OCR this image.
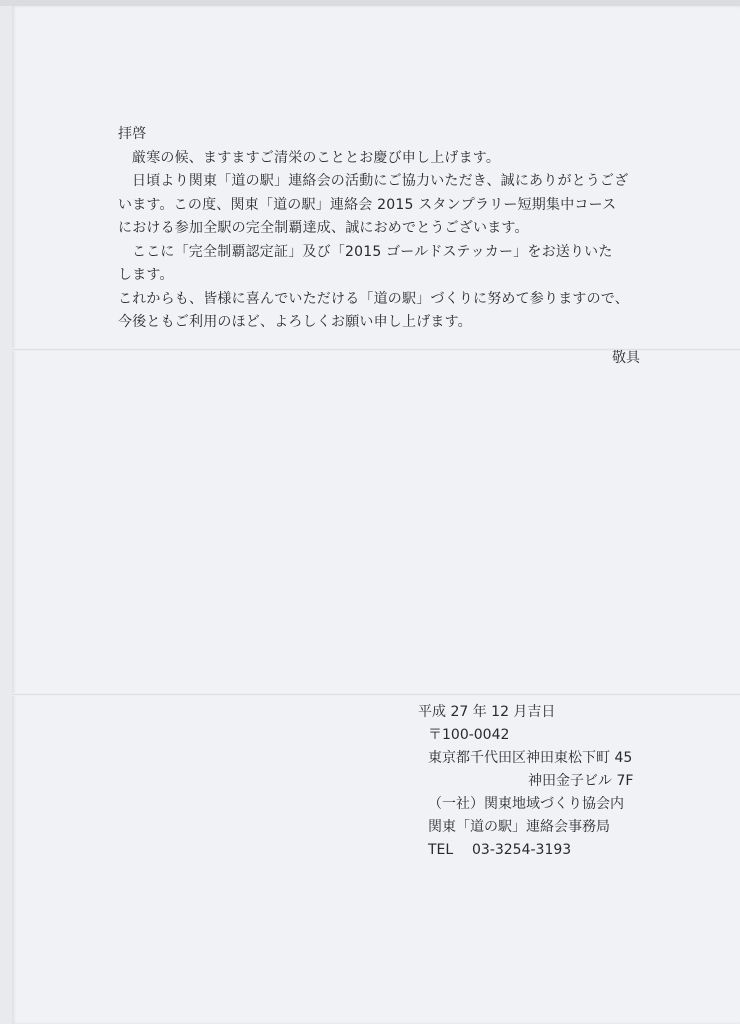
拝啓
厳寒の候、ますますご清栄のこととお慶び申し上げます。
日頃より関東「道の駅」連絡会の活動にご協力いただき、誠にありがとうござ
います。この度、関東「道の駅」連絡会 2015 スタンプラリー短期集中コース
における参加全駅の完全制覇達成、誠におめでとうございます。
ここに「完全制覇認定証」及び「2015 ゴールドステッカー」をお送りいた
します。
これからも、皆様に喜んでいただける「道の駅」づくりに努めて参りますので、
今後ともご利用のほど、よろしくお願い申し上げます。
敬具
平成 27 年 12 月吉日
〒100-0042
東京都千代田区神田東松下町 45
神田金子ビル 7F
（一社）関東地域づくり協会内
関東「道の駅」連絡会事務局
TEL 03-3254-3193
